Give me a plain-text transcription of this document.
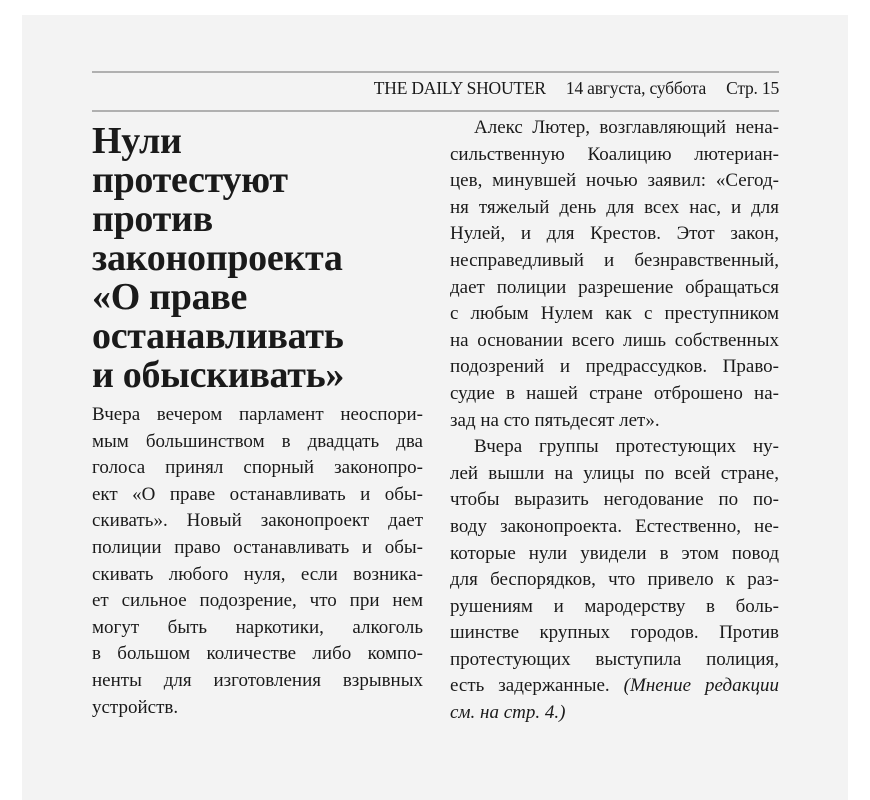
THE DAILY SHOUTER 14 августа, суббота Стр. 15
Нули
протестуют
против
законопроекта
«О праве
останавливать
и обыскивать»
Вчера вечером парламент неоспори-
мым большинством в двадцать два
голоса принял спорный законопро-
ект «О праве останавливать и обы-
скивать». Новый законопроект дает
полиции право останавливать и обы-
скивать любого нуля, если возника-
ет сильное подозрение, что при нем
могут быть наркотики, алкоголь
в большом количестве либо компо-
ненты для изготовления взрывных
устройств.
Алекс Лютер, возглавляющий нена-
сильственную Коалицию лютериан-
цев, минувшей ночью заявил: «Сегод-
ня тяжелый день для всех нас, и для
Нулей, и для Крестов. Этот закон,
несправедливый и безнравственный,
дает полиции разрешение обращаться
с любым Нулем как с преступником
на основании всего лишь собственных
подозрений и предрассудков. Право-
судие в нашей стране отброшено на-
зад на сто пятьдесят лет».
Вчера группы протестующих ну-
лей вышли на улицы по всей стране,
чтобы выразить негодование по по-
воду законопроекта. Естественно, не-
которые нули увидели в этом повод
для беспорядков, что привело к раз-
рушениям и мародерству в боль-
шинстве крупных городов. Против
протестующих выступила полиция,
есть задержанные. (Мнение редакции
см. на стр. 4.)
